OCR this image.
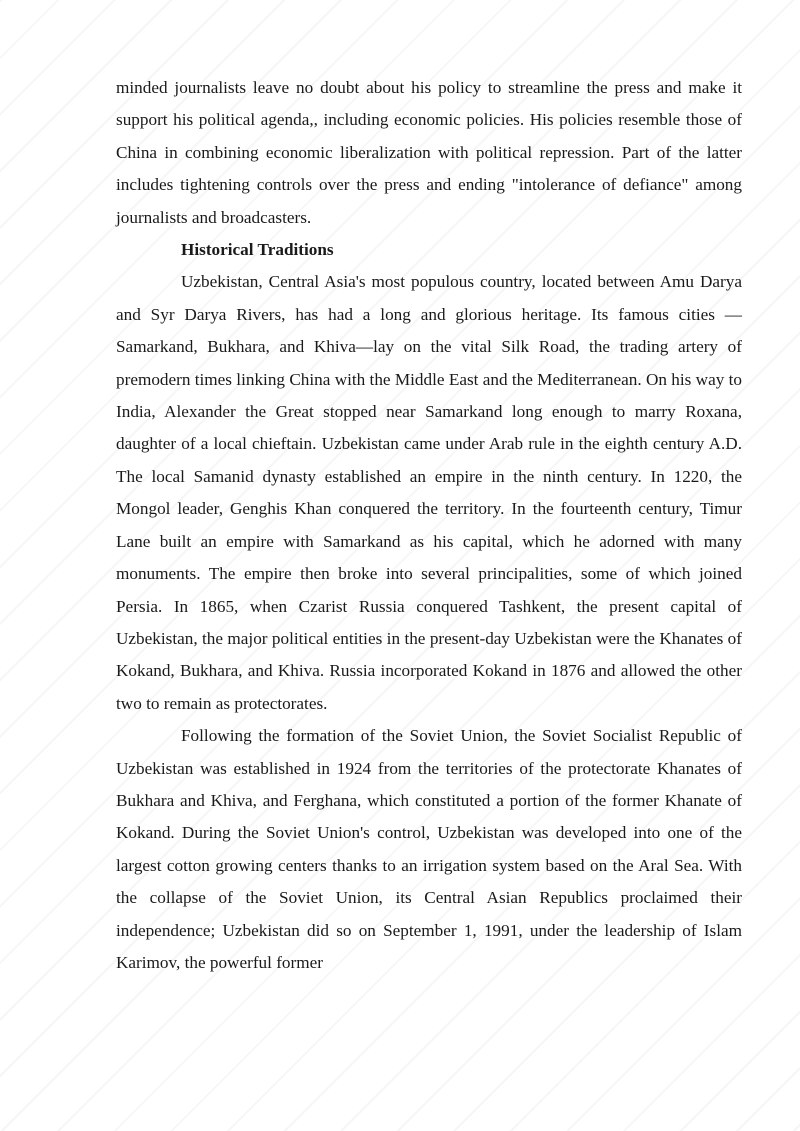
minded journalists leave no doubt about his policy to streamline the press and make it support his political agenda,, including economic policies. His policies resemble those of China in combining economic liberalization with political repression. Part of the latter includes tightening controls over the press and ending "intolerance of defiance" among journalists and broadcasters.

Historical Traditions

Uzbekistan, Central Asia's most populous country, located between Amu Darya and Syr Darya Rivers, has had a long and glorious heritage. Its famous cities —Samarkand, Bukhara, and Khiva—lay on the vital Silk Road, the trading artery of premodern times linking China with the Middle East and the Mediterranean. On his way to India, Alexander the Great stopped near Samarkand long enough to marry Roxana, daughter of a local chieftain. Uzbekistan came under Arab rule in the eighth century A.D. The local Samanid dynasty established an empire in the ninth century. In 1220, the Mongol leader, Genghis Khan conquered the territory. In the fourteenth century, Timur Lane built an empire with Samarkand as his capital, which he adorned with many monuments. The empire then broke into several principalities, some of which joined Persia. In 1865, when Czarist Russia conquered Tashkent, the present capital of Uzbekistan, the major political entities in the present-day Uzbekistan were the Khanates of Kokand, Bukhara, and Khiva. Russia incorporated Kokand in 1876 and allowed the other two to remain as protectorates.

Following the formation of the Soviet Union, the Soviet Socialist Republic of Uzbekistan was established in 1924 from the territories of the protectorate Khanates of Bukhara and Khiva, and Ferghana, which constituted a portion of the former Khanate of Kokand. During the Soviet Union's control, Uzbekistan was developed into one of the largest cotton growing centers thanks to an irrigation system based on the Aral Sea. With the collapse of the Soviet Union, its Central Asian Republics proclaimed their independence; Uzbekistan did so on September 1, 1991, under the leadership of Islam Karimov, the powerful former
